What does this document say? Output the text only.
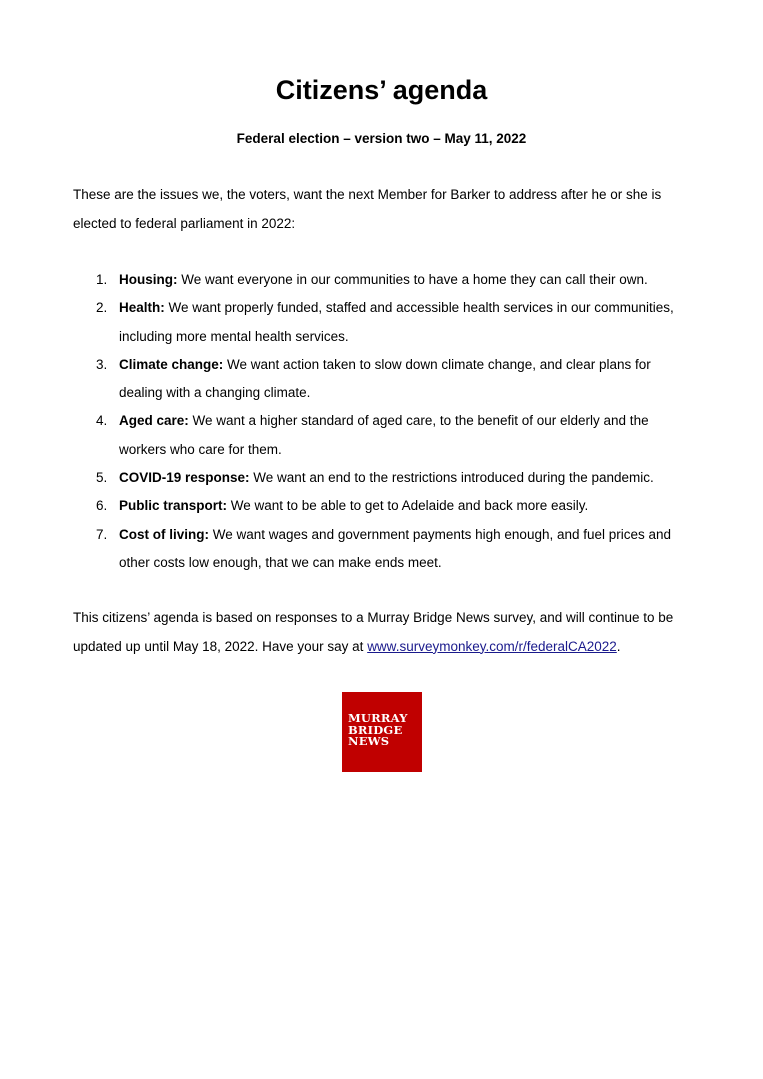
Citizens’ agenda

Federal election – version two – May 11, 2022

These are the issues we, the voters, want the next Member for Barker to address after he or she is elected to federal parliament in 2022:

1. Housing: We want everyone in our communities to have a home they can call their own.
2. Health: We want properly funded, staffed and accessible health services in our communities, including more mental health services.
3. Climate change: We want action taken to slow down climate change, and clear plans for dealing with a changing climate.
4. Aged care: We want a higher standard of aged care, to the benefit of our elderly and the workers who care for them.
5. COVID-19 response: We want an end to the restrictions introduced during the pandemic.
6. Public transport: We want to be able to get to Adelaide and back more easily.
7. Cost of living: We want wages and government payments high enough, and fuel prices and other costs low enough, that we can make ends meet.

This citizens’ agenda is based on responses to a Murray Bridge News survey, and will continue to be updated up until May 18, 2022. Have your say at www.surveymonkey.com/r/federalCA2022.

MURRAY
BRIDGE
NEWS
